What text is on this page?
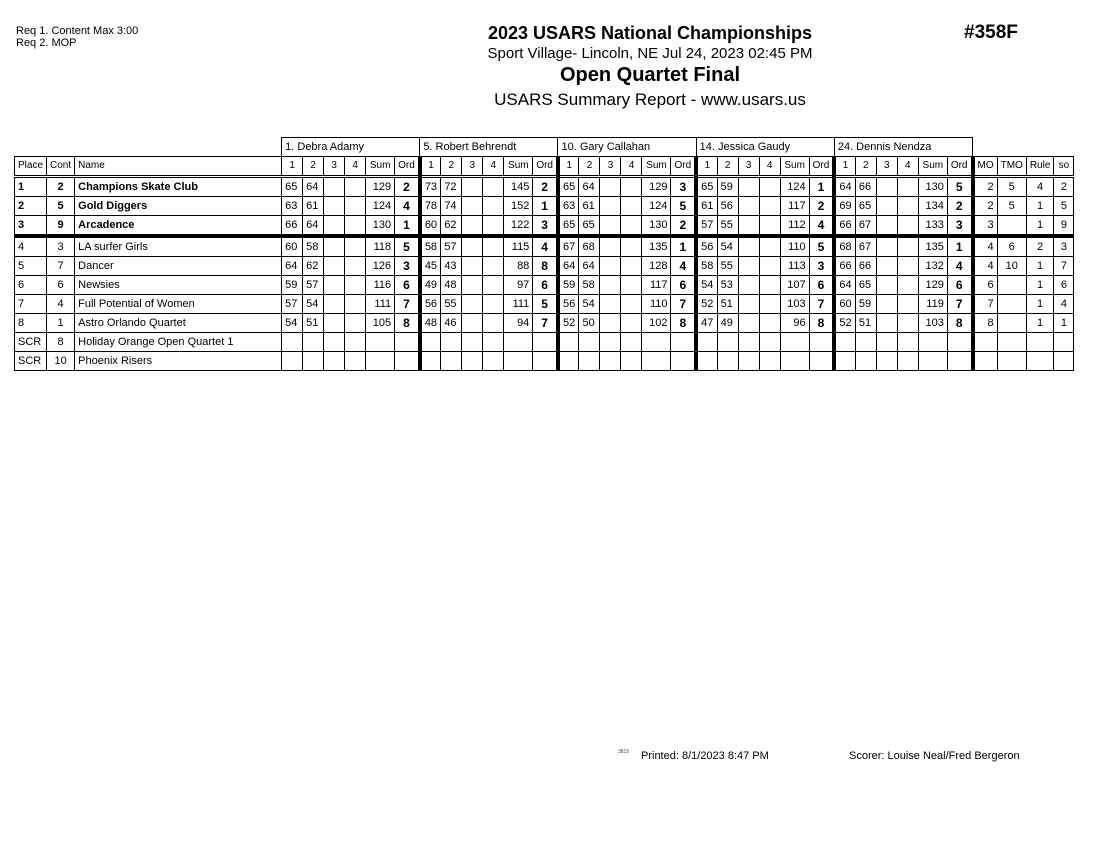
Req 1. Content Max 3:00
Req 2. MOP	2023 USARS National Championships
Sport Village- Lincoln, NE Jul 24, 2023 02:45 PM
Open Quartet Final
USARS Summary Report - www.usars.us
#358F
			1. Debra Adamy						5. Robert Behrendt						10. Gary Callahan						14. Jessica Gaudy						24. Dennis Nendza									
Place	Cont	Name	1	2	3	4	Sum	Ord	1	2	3	4	Sum	Ord	1	2	3	4	Sum	Ord	1	2	3	4	Sum	Ord	1	2	3	4	Sum	Ord	MO	TMO	Rule	so
1	2	Champions Skate Club	65	64			129	2	73	72			145	2	65	64			129	3	65	59			124	1	64	66			130	5	2	5	4	2
2	5	Gold Diggers	63	61			124	4	78	74			152	1	63	61			124	5	61	56			117	2	69	65			134	2	2	5	1	5
3	9	Arcadence	66	64			130	1	60	62			122	3	65	65			130	2	57	55			112	4	66	67			133	3	3		1	9
4	3	LA surfer Girls	60	58			118	5	58	57			115	4	67	68			135	1	56	54			110	5	68	67			135	1	4	6	2	3
5	7	Dancer	64	62			126	3	45	43			88	8	64	64			128	4	58	55			113	3	66	66			132	4	4	10	1	7
6	6	Newsies	59	57			116	6	49	48			97	6	59	58			117	6	54	53			107	6	64	65			129	6	6		1	6
7	4	Full Potential of Women	57	54			111	7	56	55			111	5	56	54			110	7	52	51			103	7	60	59			119	7	7		1	4
8	1	Astro Orlando Quartet	54	51			105	8	48	46			94	7	52	50			102	8	47	49			96	8	52	51			103	8	8		1	1
SCR	8	Holiday Orange Open Quartet 1																																		
SCR	10	Phoenix Risers																																		
3815 Printed: 8/1/2023 8:47 PM	Scorer: Louise Neal/Fred Bergeron
